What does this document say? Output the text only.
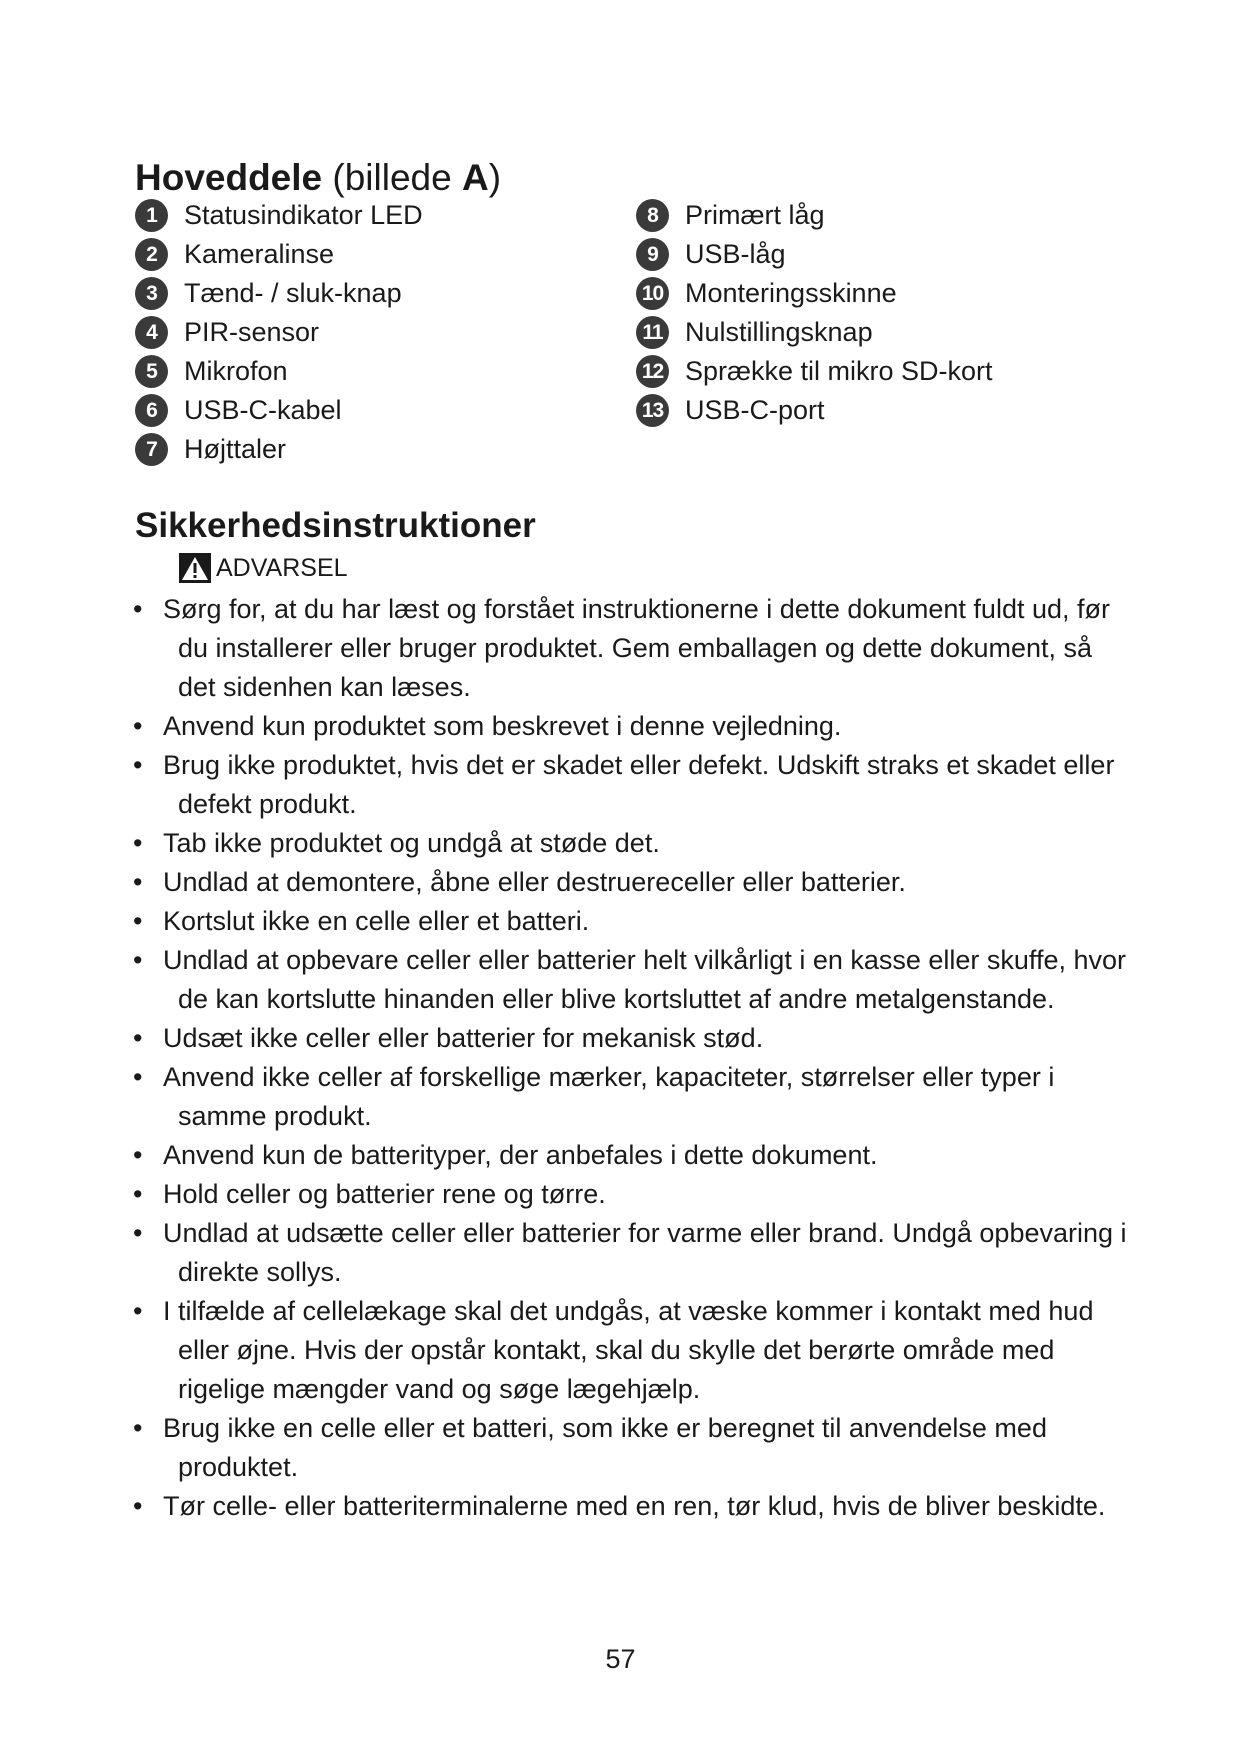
Hoveddele (billede A)
1	Statusindikator LED
2	Kameralinse
3	Tænd- / sluk-knap
4	PIR-sensor
5	Mikrofon
6	USB-C-kabel
7	Højttaler
8	Primært låg
9	USB-låg
10 Monteringsskinne
11 Nulstillingsknap
12 Sprække til mikro SD-kort
13 USB-C-port
Sikkerhedsinstruktioner
ADVARSEL
• Sørg for, at du har læst og forstået instruktionerne i dette dokument fuldt ud, før du installerer eller bruger produktet. Gem emballagen og dette dokument, så det sidenhen kan læses.
• Anvend kun produktet som beskrevet i denne vejledning.
• Brug ikke produktet, hvis det er skadet eller defekt. Udskift straks et skadet eller defekt produkt.
• Tab ikke produktet og undgå at støde det.
• Undlad at demontere, åbne eller destruereceller eller batterier.
• Kortslut ikke en celle eller et batteri.
• Undlad at opbevare celler eller batterier helt vilkårligt i en kasse eller skuffe, hvor de kan kortslutte hinanden eller blive kortsluttet af andre metalgenstande.
• Udsæt ikke celler eller batterier for mekanisk stød.
• Anvend ikke celler af forskellige mærker, kapaciteter, størrelser eller typer i samme produkt.
• Anvend kun de batterityper, der anbefales i dette dokument.
• Hold celler og batterier rene og tørre.
• Undlad at udsætte celler eller batterier for varme eller brand. Undgå opbevaring i direkte sollys.
• I tilfælde af cellelækage skal det undgås, at væske kommer i kontakt med hud eller øjne. Hvis der opstår kontakt, skal du skylle det berørte område med rigelige mængder vand og søge lægehjælp.
• Brug ikke en celle eller et batteri, som ikke er beregnet til anvendelse med produktet.
• Tør celle- eller batteriterminalerne med en ren, tør klud, hvis de bliver beskidte.
57
